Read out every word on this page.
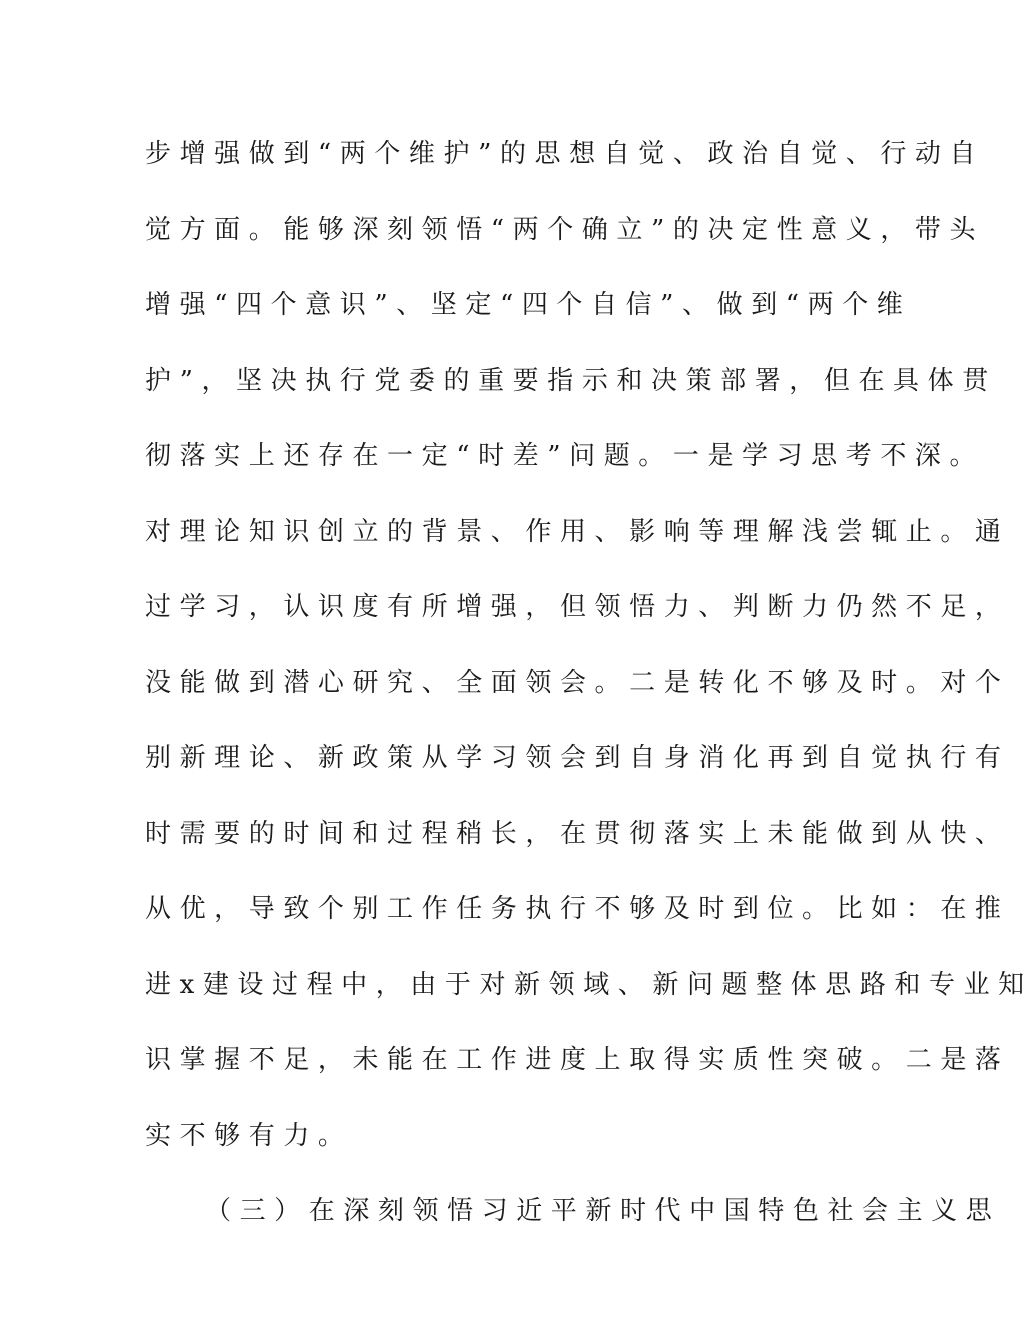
步增强做到“两个维护”的思想自觉、政治自觉、行动自
觉方面。能够深刻领悟“两个确立”的决定性意义，带头
增强“四个意识”、坚定“四个自信”、做到“两个维
护”，坚决执行党委的重要指示和决策部署，但在具体贯
彻落实上还存在一定“时差”问题。一是学习思考不深。
对理论知识创立的背景、作用、影响等理解浅尝辄止。通
过学习，认识度有所增强，但领悟力、判断力仍然不足，
没能做到潜心研究、全面领会。二是转化不够及时。对个
别新理论、新政策从学习领会到自身消化再到自觉执行有
时需要的时间和过程稍长，在贯彻落实上未能做到从快、
从优，导致个别工作任务执行不够及时到位。比如：在推
进x建设过程中，由于对新领域、新问题整体思路和专业知
识掌握不足，未能在工作进度上取得实质性突破。二是落
实不够有力。
（三）在深刻领悟习近平新时代中国特色社会主义思
